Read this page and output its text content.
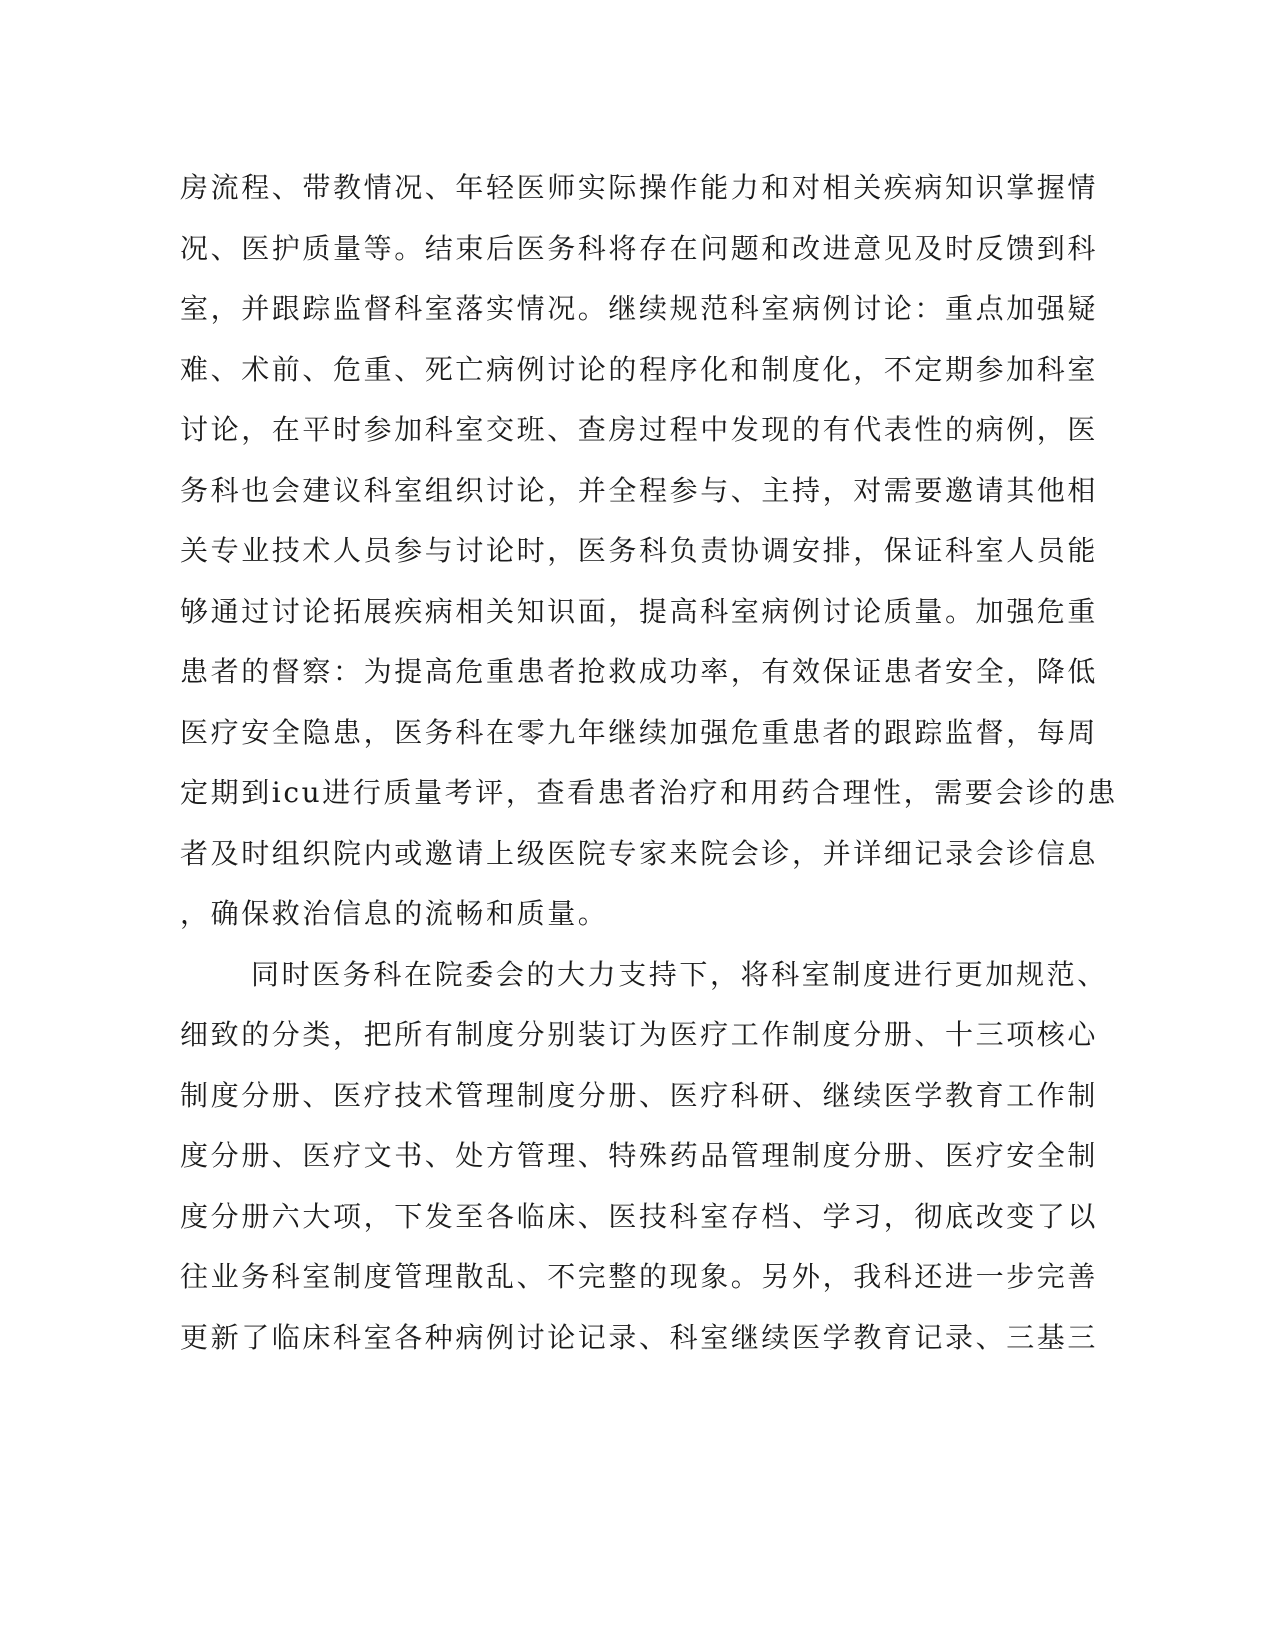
房流程、带教情况、年轻医师实际操作能力和对相关疾病知识掌握情
况、医护质量等。结束后医务科将存在问题和改进意见及时反馈到科
室，并跟踪监督科室落实情况。继续规范科室病例讨论：重点加强疑
难、术前、危重、死亡病例讨论的程序化和制度化，不定期参加科室
讨论，在平时参加科室交班、查房过程中发现的有代表性的病例，医
务科也会建议科室组织讨论，并全程参与、主持，对需要邀请其他相
关专业技术人员参与讨论时，医务科负责协调安排，保证科室人员能
够通过讨论拓展疾病相关知识面，提高科室病例讨论质量。加强危重
患者的督察：为提高危重患者抢救成功率，有效保证患者安全，降低
医疗安全隐患，医务科在零九年继续加强危重患者的跟踪监督，每周
定期到icu进行质量考评，查看患者治疗和用药合理性，需要会诊的患
者及时组织院内或邀请上级医院专家来院会诊，并详细记录会诊信息
，确保救治信息的流畅和质量。
同时医务科在院委会的大力支持下，将科室制度进行更加规范、
细致的分类，把所有制度分别装订为医疗工作制度分册、十三项核心
制度分册、医疗技术管理制度分册、医疗科研、继续医学教育工作制
度分册、医疗文书、处方管理、特殊药品管理制度分册、医疗安全制
度分册六大项，下发至各临床、医技科室存档、学习，彻底改变了以
往业务科室制度管理散乱、不完整的现象。另外，我科还进一步完善
更新了临床科室各种病例讨论记录、科室继续医学教育记录、三基三
